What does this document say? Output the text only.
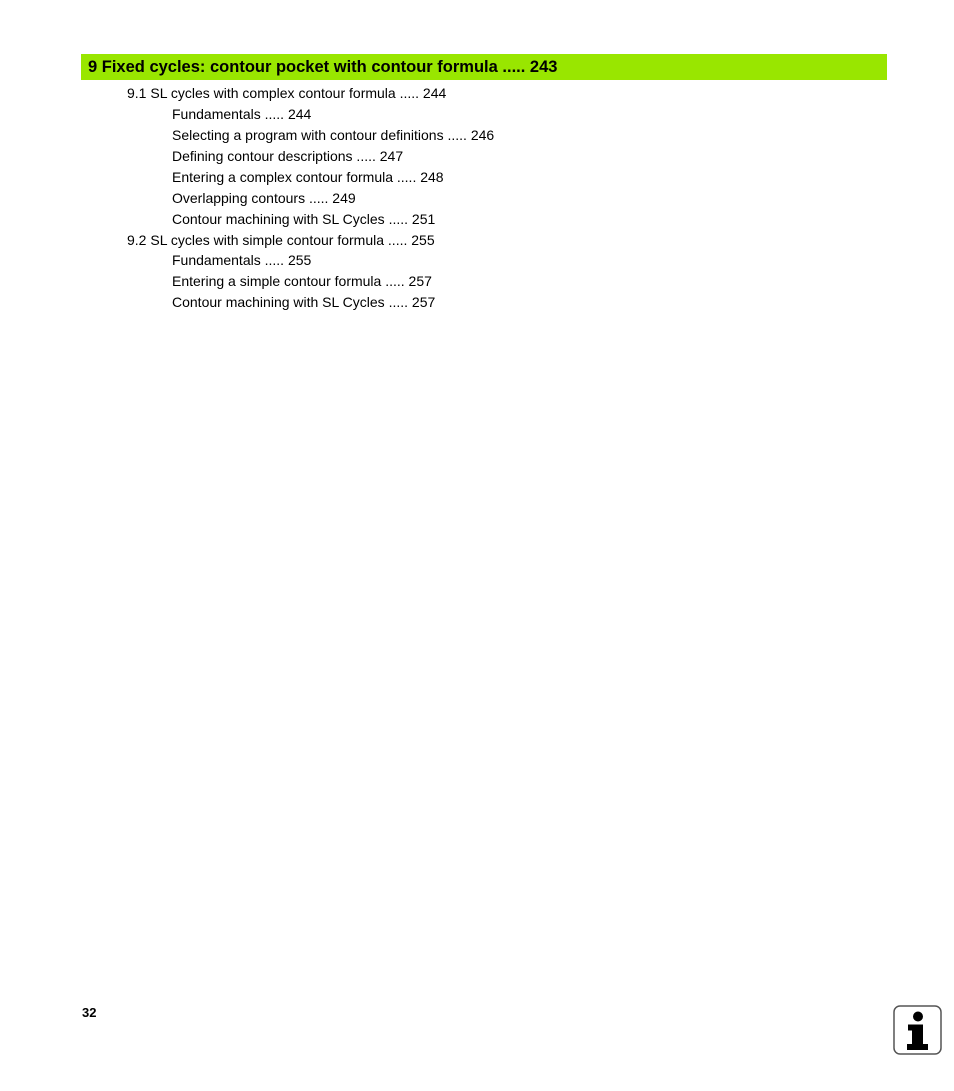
9 Fixed cycles: contour pocket with contour formula ..... 243
9.1 SL cycles with complex contour formula ..... 244
Fundamentals ..... 244
Selecting a program with contour definitions ..... 246
Defining contour descriptions ..... 247
Entering a complex contour formula ..... 248
Overlapping contours ..... 249
Contour machining with SL Cycles ..... 251
9.2 SL cycles with simple contour formula ..... 255
Fundamentals ..... 255
Entering a simple contour formula ..... 257
Contour machining with SL Cycles ..... 257
32
